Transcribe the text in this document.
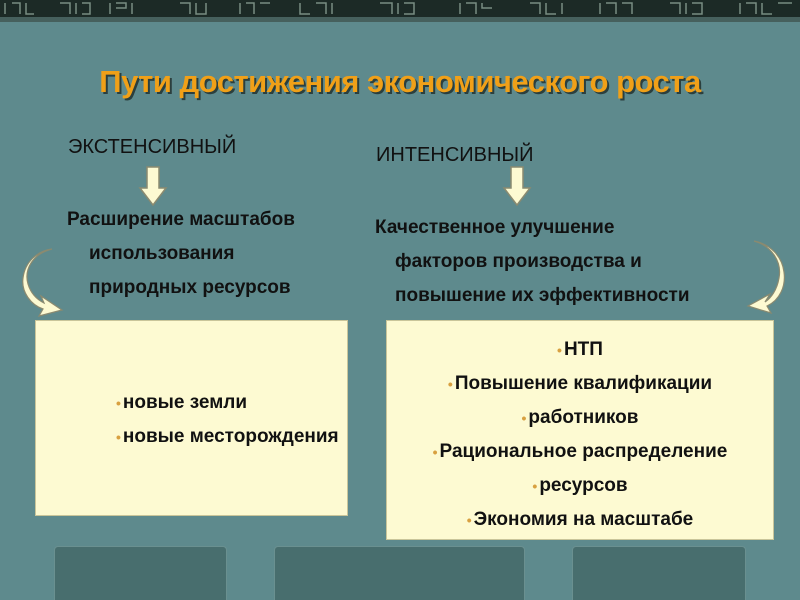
Пути достижения экономического роста
ЭКСТЕНСИВНЫЙ
Расширение масштабов
использования
природных ресурсов
• новые земли
• новые месторождения
ИНТЕНСИВНЫЙ
Качественное улучшение
факторов производства и
повышение их эффективности
• НТП
• Повышение квалификации
• работников
• Рациональное распределение
• ресурсов
• Экономия на масштабе
